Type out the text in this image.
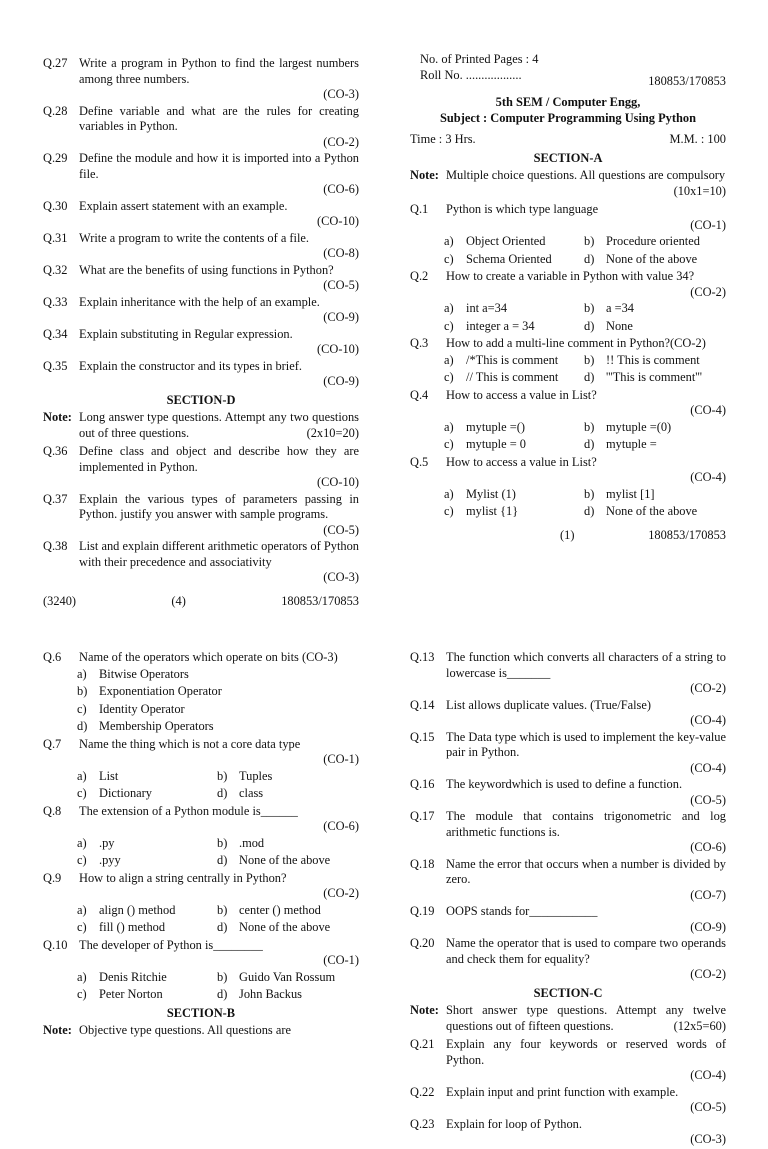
Q.27 Write a program in Python to find the largest numbers among three numbers.
(CO-3)
Q.28 Define variable and what are the rules for creating variables in Python.
(CO-2)
Q.29 Define the module and how it is imported into a Python file.
(CO-6)
Q.30 Explain assert statement with an example.
(CO-10)
Q.31 Write a program to write the contents of a file.
(CO-8)
Q.32 What are the benefits of using functions in Python?
(CO-5)
Q.33 Explain inheritance with the help of an example.
(CO-9)
Q.34 Explain substituting in Regular expression.
(CO-10)
Q.35 Explain the constructor and its types in brief.
(CO-9)
SECTION-D
Note: Long answer type questions. Attempt any two questions out of three questions.	(2x10=20)
Q.36 Define class and object and describe how they are implemented in Python.
(CO-10)
Q.37 Explain the various types of parameters passing in Python. justify you answer with sample programs.
(CO-5)
Q.38 List and explain different arithmetic operators of Python with their precedence and associativity
(CO-3)
(3240)	(4)	180853/170853
No. of Printed Pages : 4
Roll No. ..................	180853/170853
5th SEM / Computer Engg,
Subject : Computer Programming Using Python
Time : 3 Hrs.	M.M. : 100
SECTION-A
Note: Multiple choice questions. All questions are compulsory
(10x1=10)
Q.1	Python is which type language
(CO-1)
a) Object Oriented	b) Procedure oriented
c) Schema Oriented	d) None of the above
Q.2	How to create a variable in Python with value 34?
(CO-2)
a) int a=34	b) a =34
c) integer a = 34	d) None
Q.3	How to add a multi-line comment in Python?(CO-2)
a) /*This is comment b) !! This is comment
c) // This is comment d) '''This is comment'''
Q.4	How to access a value in List?
(CO-4)
a) mytuple =()	b) mytuple =(0)
c) mytuple = 0	d) mytuple =
Q.5	How to access a value in List?
(CO-4)
a) Mylist (1)	b) mylist [1]
c) mylist {1}	d) None of the above
(1)	180853/170853
Q.6	Name of the operators which operate on bits (CO-3)
a) Bitwise Operators
b) Exponentiation Operator
c) Identity Operator
d) Membership Operators
Q.7	Name the thing which is not a core data type
(CO-1)
a) List	b) Tuples
c) Dictionary	d) class
Q.8	The extension of a Python module is______
(CO-6)
a) .py	b) .mod
c) .pyy	d) None of the above
Q.9	How to align a string centrally in Python?
(CO-2)
a) align () method	b) center () method
c) fill () method	d) None of the above
Q.10 The developer of Python is________
(CO-1)
a) Denis Ritchie	b) Guido Van Rossum
c) Peter Norton	d) John Backus
SECTION-B
Note: Objective type questions. All questions are
Q.13 The function which converts all characters of a string to lowercase is_______
(CO-2)
Q.14 List allows duplicate values. (True/False)
(CO-4)
Q.15 The Data type which is used to implement the key-value pair in Python.
(CO-4)
Q.16 The keywordwhich is used to define a function.
(CO-5)
Q.17 The module that contains trigonometric and log arithmetic functions is.
(CO-6)
Q.18 Name the error that occurs when a number is divided by zero.
(CO-7)
Q.19 OOPS stands for___________
(CO-9)
Q.20 Name the operator that is used to compare two operands and check them for equality?
(CO-2)
SECTION-C
Note: Short answer type questions. Attempt any twelve questions out of fifteen questions.	(12x5=60)
Q.21 Explain any four keywords or reserved words of Python.
(CO-4)
Q.22 Explain input and print function with example.
(CO-5)
Q.23 Explain for loop of Python.
(CO-3)
